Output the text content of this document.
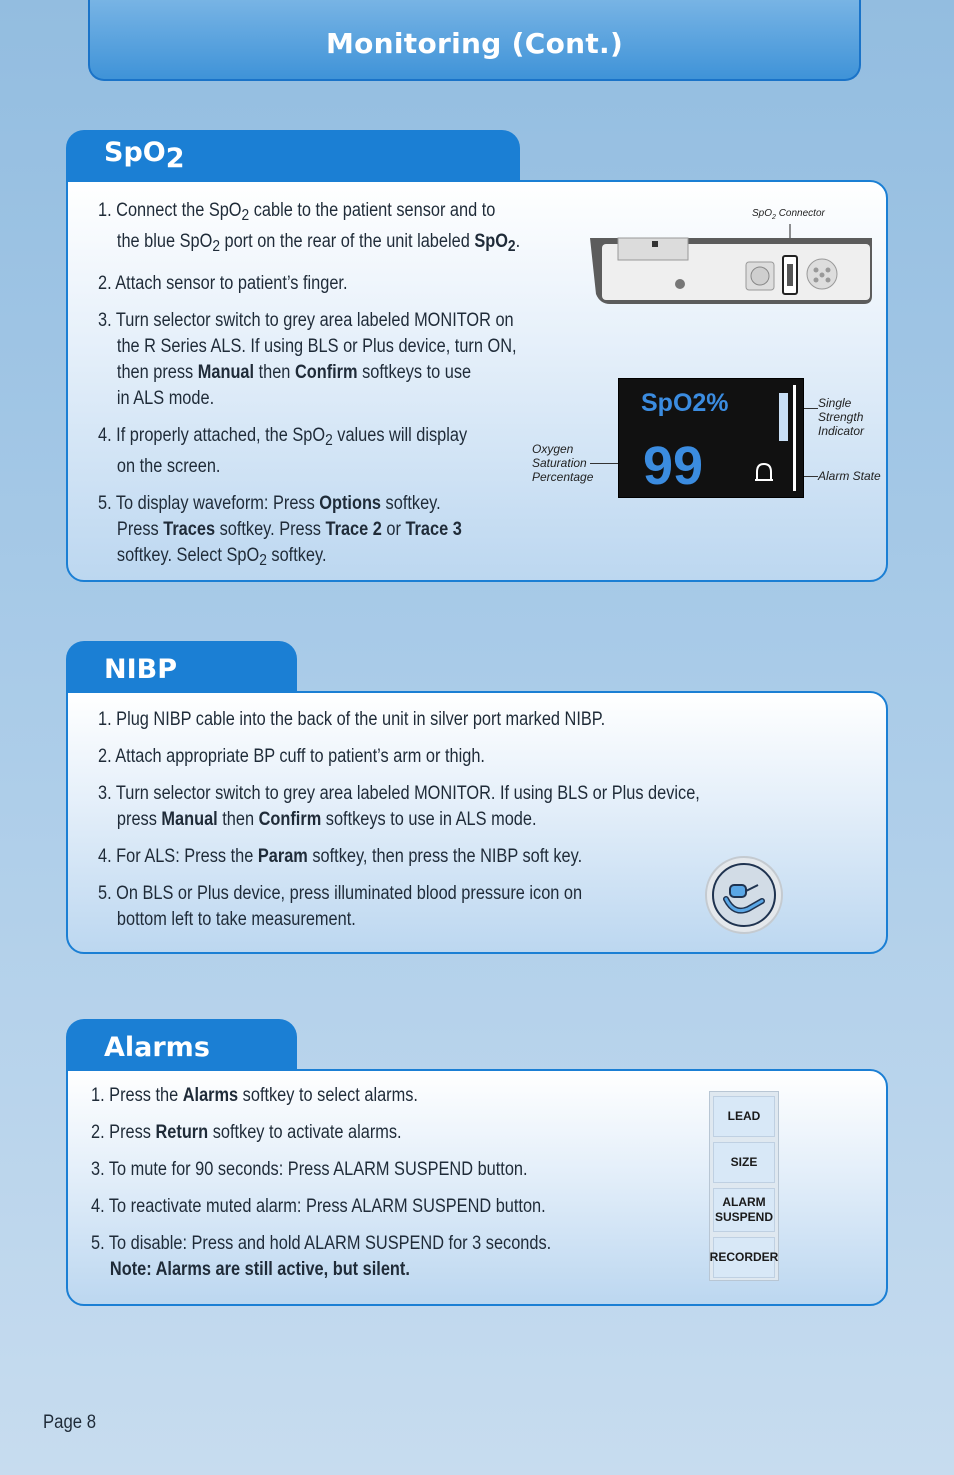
Monitoring (Cont.)
SpO$_2$
1. Connect the SpO$_2$ cable to the patient sensor and to
the blue SpO$_2$ port on the rear of the unit labeled SpO$_2$.
2. Attach sensor to patient’s finger.
3. Turn selector switch to grey area labeled MONITOR on
the R Series ALS. If using BLS or Plus device, turn ON,
then press Manual then Confirm softkeys to use
in ALS mode.
4. If properly attached, the SpO$_2$ values will display
on the screen.
5. To display waveform: Press Options softkey.
Press Traces softkey. Press Trace 2 or Trace 3
softkey. Select SpO$_2$ softkey.
SpO$_2$ Connector
SpO2%
99
Single
Strength
Indicator
Alarm State
Oxygen
Saturation
Percentage
NIBP
1. Plug NIBP cable into the back of the unit in silver port marked NIBP.
2. Attach appropriate BP cuff to patient’s arm or thigh.
3. Turn selector switch to grey area labeled MONITOR. If using BLS or Plus device,
press Manual then Confirm softkeys to use in ALS mode.
4. For ALS: Press the Param softkey, then press the NIBP soft key.
5. On BLS or Plus device, press illuminated blood pressure icon on
bottom left to take measurement.
Alarms
1. Press the Alarms softkey to select alarms.
2. Press Return softkey to activate alarms.
3. To mute for 90 seconds: Press ALARM SUSPEND button.
4. To reactivate muted alarm: Press ALARM SUSPEND button.
5. To disable: Press and hold ALARM SUSPEND for 3 seconds.
Note: Alarms are still active, but silent.
LEAD
SIZE
ALARM SUSPEND
RECORDER
Page 8
